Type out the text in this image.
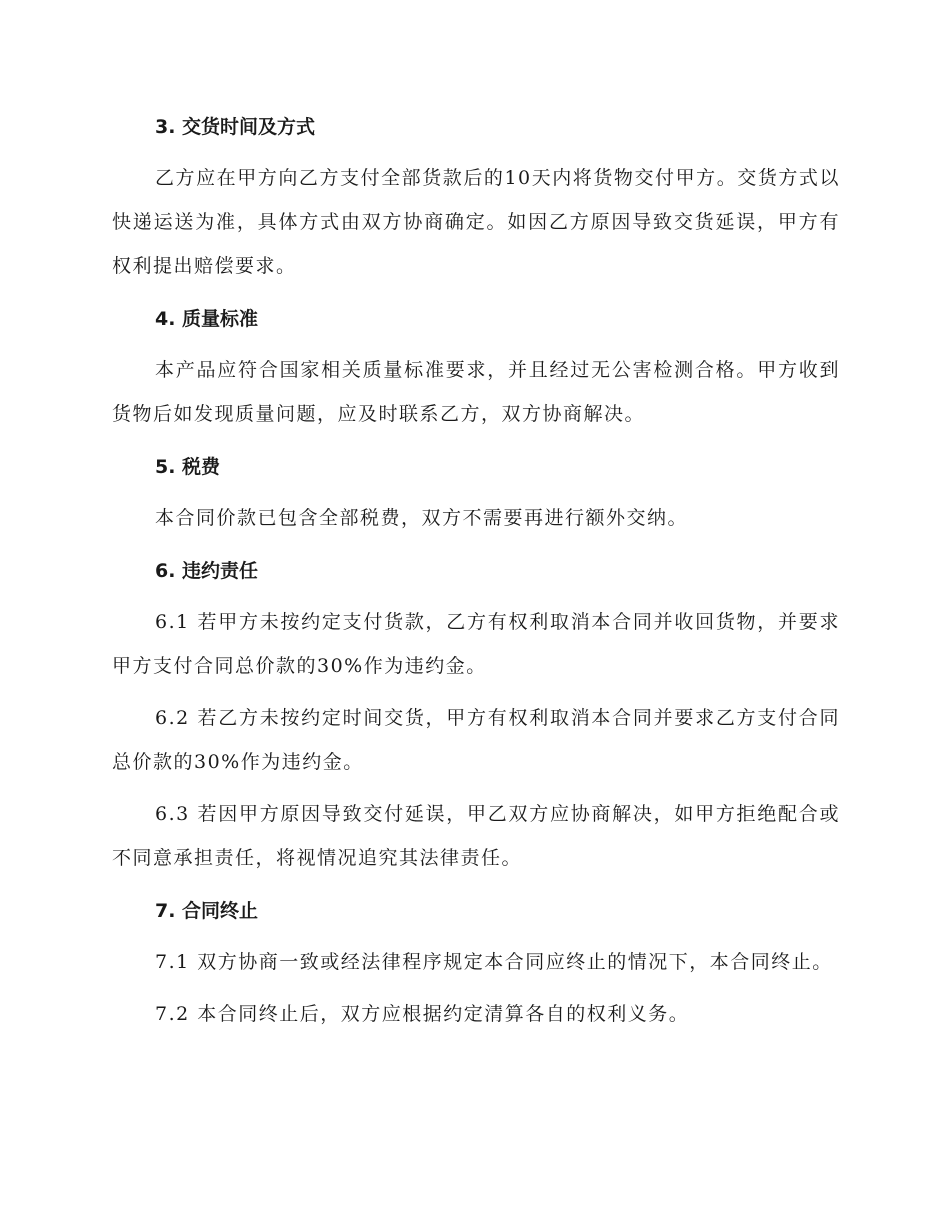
3. 交货时间及方式

乙方应在甲方向乙方支付全部货款后的10天内将货物交付甲方。交货方式以快递运送为准，具体方式由双方协商确定。如因乙方原因导致交货延误，甲方有权利提出赔偿要求。

4. 质量标准

本产品应符合国家相关质量标准要求，并且经过无公害检测合格。甲方收到货物后如发现质量问题，应及时联系乙方，双方协商解决。

5. 税费

本合同价款已包含全部税费，双方不需要再进行额外交纳。

6. 违约责任

6.1 若甲方未按约定支付货款，乙方有权利取消本合同并收回货物，并要求甲方支付合同总价款的30%作为违约金。

6.2 若乙方未按约定时间交货，甲方有权利取消本合同并要求乙方支付合同总价款的30%作为违约金。

6.3 若因甲方原因导致交付延误，甲乙双方应协商解决，如甲方拒绝配合或不同意承担责任，将视情况追究其法律责任。

7. 合同终止

7.1 双方协商一致或经法律程序规定本合同应终止的情况下，本合同终止。

7.2 本合同终止后，双方应根据约定清算各自的权利义务。
